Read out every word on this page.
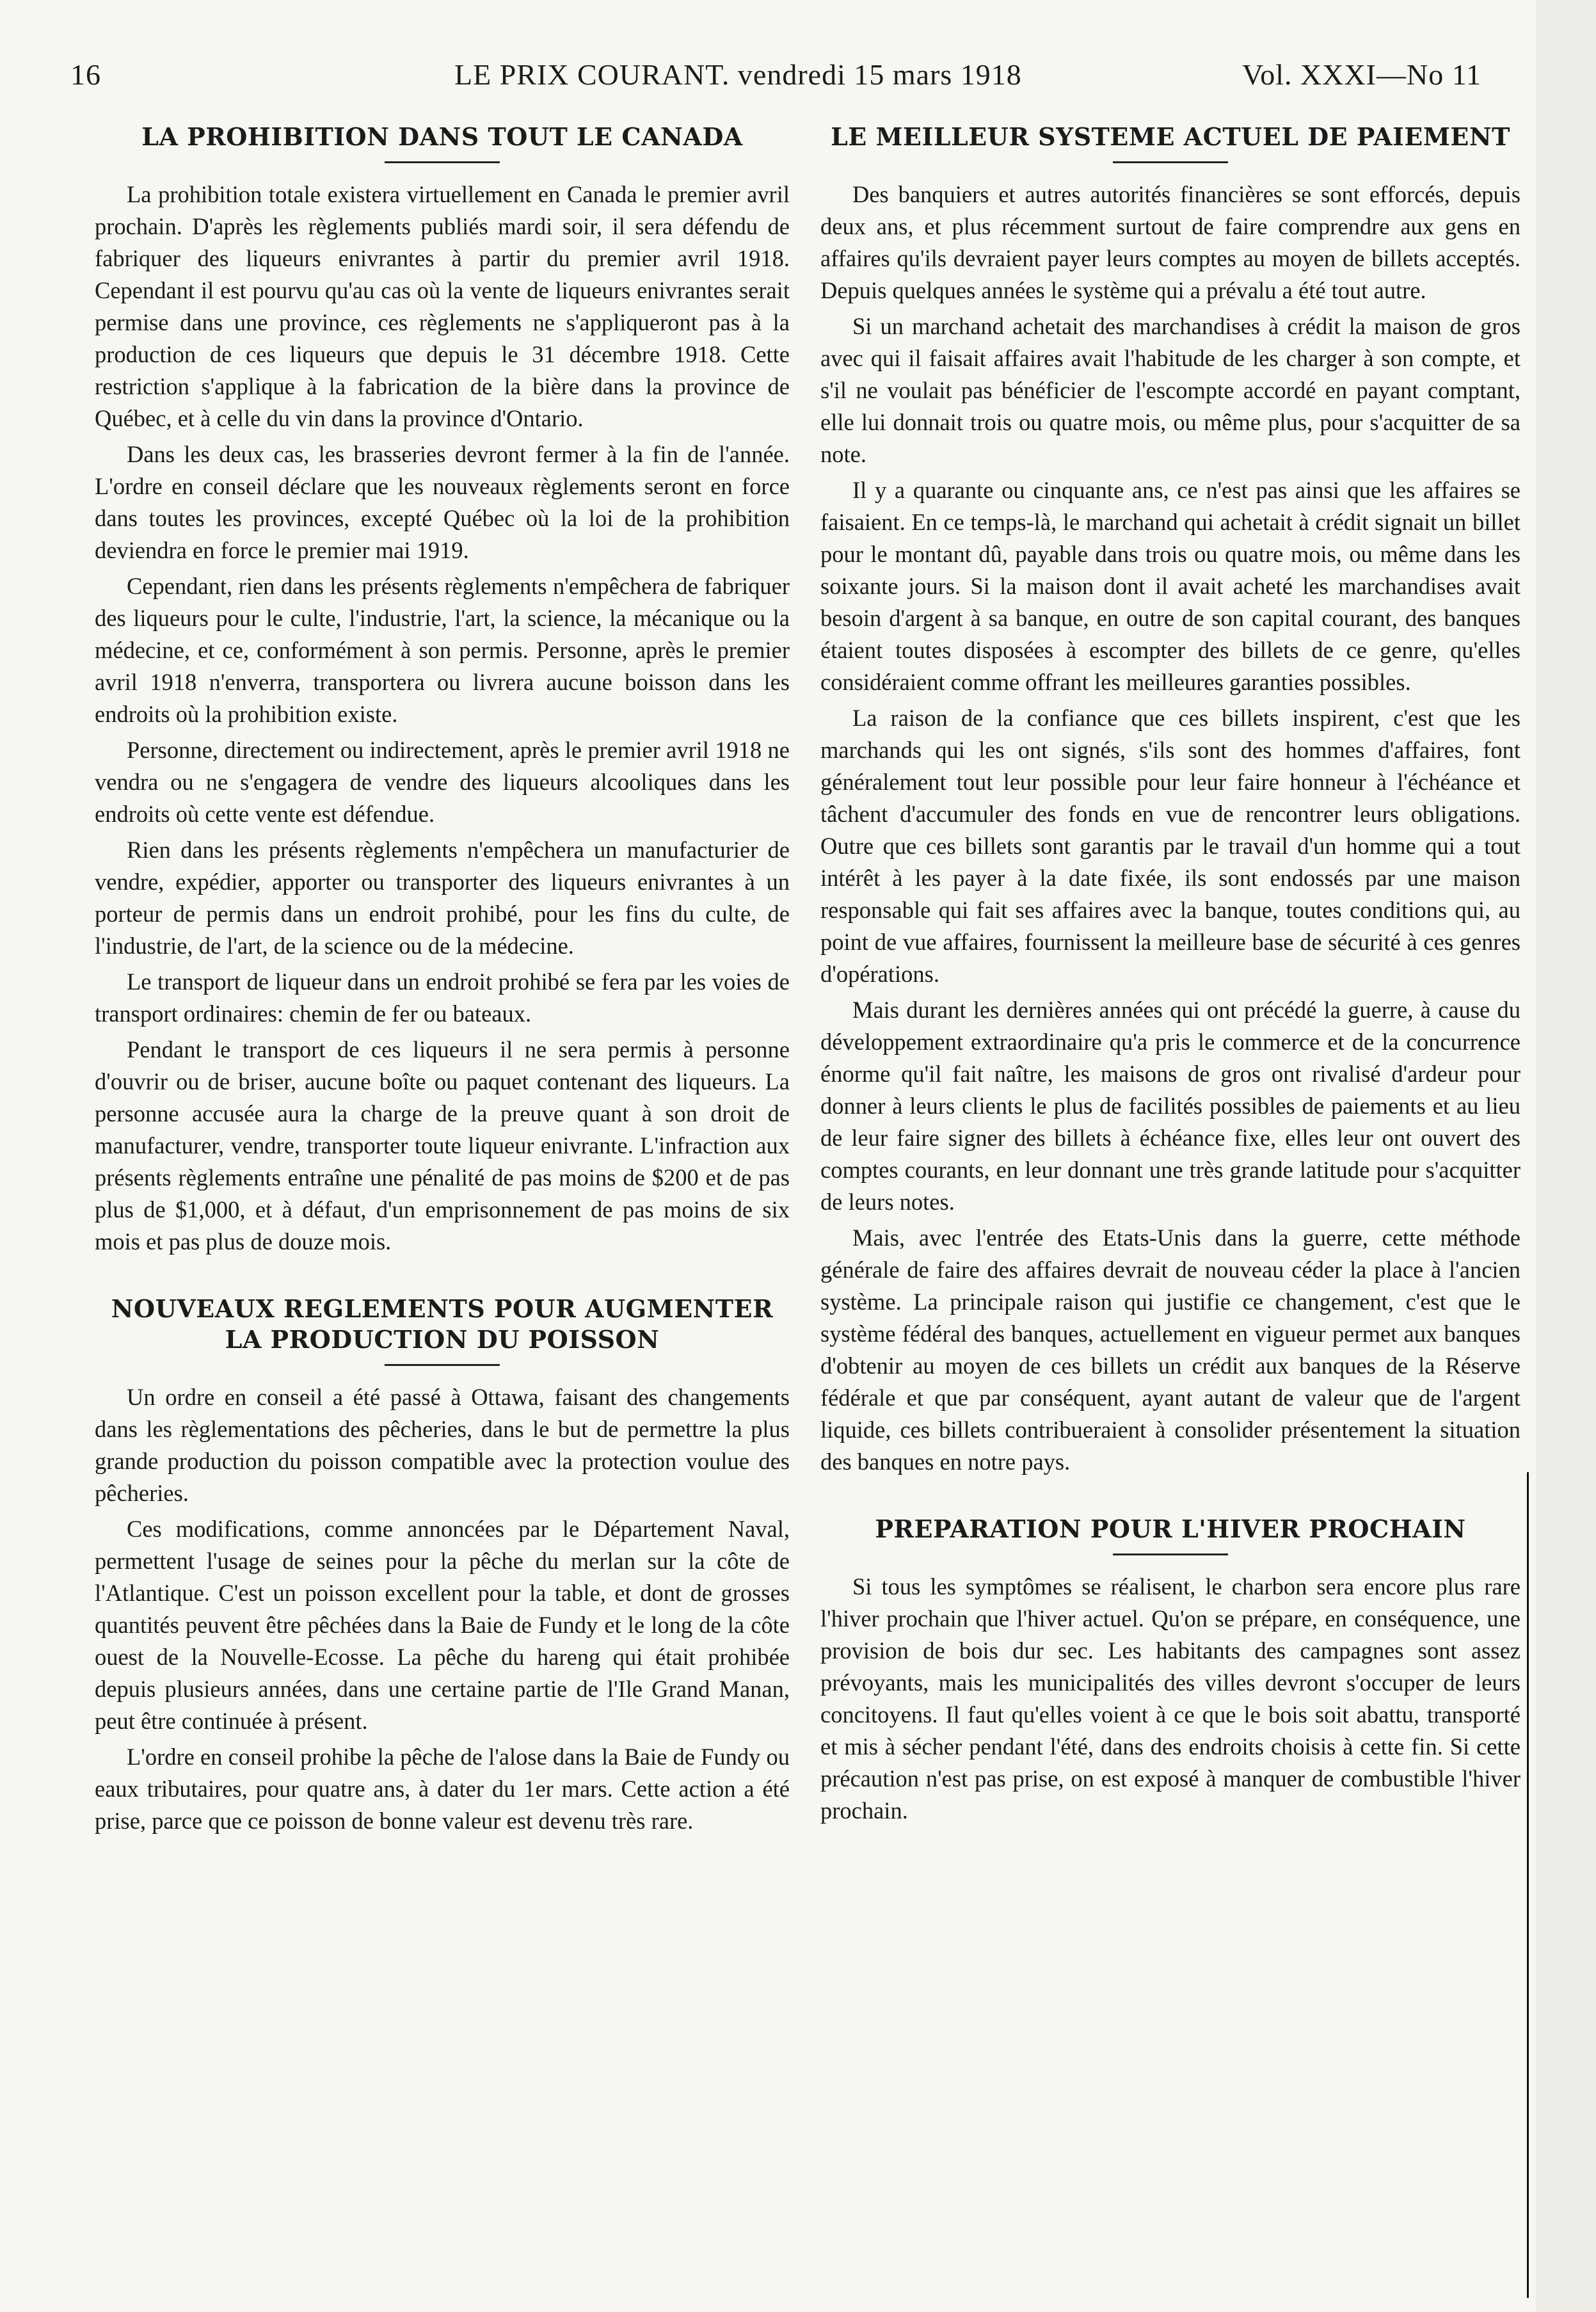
16	LE PRIX COURANT. vendredi 15 mars 1918	Vol. XXXI—No 11
LA PROHIBITION DANS TOUT LE CANADA

La prohibition totale existera virtuellement en Canada le premier avril prochain. D'après les règlements publiés mardi soir, il sera défendu de fabriquer des liqueurs enivrantes à partir du premier avril 1918. Cependant il est pourvu qu'au cas où la vente de liqueurs enivrantes serait permise dans une province, ces règlements ne s'appliqueront pas à la production de ces liqueurs que depuis le 31 décembre 1918. Cette restriction s'applique à la fabrication de la bière dans la province de Québec, et à celle du vin dans la province d'Ontario.

Dans les deux cas, les brasseries devront fermer à la fin de l'année. L'ordre en conseil déclare que les nouveaux règlements seront en force dans toutes les provinces, excepté Québec où la loi de la prohibition deviendra en force le premier mai 1919.

Cependant, rien dans les présents règlements n'empêchera de fabriquer des liqueurs pour le culte, l'industrie, l'art, la science, la mécanique ou la médecine, et ce, conformément à son permis. Personne, après le premier avril 1918 n'enverra, transportera ou livrera aucune boisson dans les endroits où la prohibition existe.

Personne, directement ou indirectement, après le premier avril 1918 ne vendra ou ne s'engagera de vendre des liqueurs alcooliques dans les endroits où cette vente est défendue.

Rien dans les présents règlements n'empêchera un manufacturier de vendre, expédier, apporter ou transporter des liqueurs enivrantes à un porteur de permis dans un endroit prohibé, pour les fins du culte, de l'industrie, de l'art, de la science ou de la médecine.

Le transport de liqueur dans un endroit prohibé se fera par les voies de transport ordinaires: chemin de fer ou bateaux.

Pendant le transport de ces liqueurs il ne sera permis à personne d'ouvrir ou de briser, aucune boîte ou paquet contenant des liqueurs. La personne accusée aura la charge de la preuve quant à son droit de manufacturer, vendre, transporter toute liqueur enivrante. L'infraction aux présents règlements entraîne une pénalité de pas moins de $200 et de pas plus de $1,000, et à défaut, d'un emprisonnement de pas moins de six mois et pas plus de douze mois.

NOUVEAUX REGLEMENTS POUR AUGMENTER LA PRODUCTION DU POISSON

Un ordre en conseil a été passé à Ottawa, faisant des changements dans les règlementations des pêcheries, dans le but de permettre la plus grande production du poisson compatible avec la protection voulue des pêcheries.

Ces modifications, comme annoncées par le Département Naval, permettent l'usage de seines pour la pêche du merlan sur la côte de l'Atlantique. C'est un poisson excellent pour la table, et dont de grosses quantités peuvent être pêchées dans la Baie de Fundy et le long de la côte ouest de la Nouvelle-Ecosse. La pêche du hareng qui était prohibée depuis plusieurs années, dans une certaine partie de l'Ile Grand Manan, peut être continuée à présent.

L'ordre en conseil prohibe la pêche de l'alose dans la Baie de Fundy ou eaux tributaires, pour quatre ans, à dater du 1er mars. Cette action a été prise, parce que ce poisson de bonne valeur est devenu très rare.

LE MEILLEUR SYSTEME ACTUEL DE PAIEMENT

Des banquiers et autres autorités financières se sont efforcés, depuis deux ans, et plus récemment surtout de faire comprendre aux gens en affaires qu'ils devraient payer leurs comptes au moyen de billets acceptés. Depuis quelques années le système qui a prévalu a été tout autre.

Si un marchand achetait des marchandises à crédit la maison de gros avec qui il faisait affaires avait l'habitude de les charger à son compte, et s'il ne voulait pas bénéficier de l'escompte accordé en payant comptant, elle lui donnait trois ou quatre mois, ou même plus, pour s'acquitter de sa note.

Il y a quarante ou cinquante ans, ce n'est pas ainsi que les affaires se faisaient. En ce temps-là, le marchand qui achetait à crédit signait un billet pour le montant dû, payable dans trois ou quatre mois, ou même dans les soixante jours. Si la maison dont il avait acheté les marchandises avait besoin d'argent à sa banque, en outre de son capital courant, des banques étaient toutes disposées à escompter des billets de ce genre, qu'elles considéraient comme offrant les meilleures garanties possibles.

La raison de la confiance que ces billets inspirent, c'est que les marchands qui les ont signés, s'ils sont des hommes d'affaires, font généralement tout leur possible pour leur faire honneur à l'échéance et tâchent d'accumuler des fonds en vue de rencontrer leurs obligations. Outre que ces billets sont garantis par le travail d'un homme qui a tout intérêt à les payer à la date fixée, ils sont endossés par une maison responsable qui fait ses affaires avec la banque, toutes conditions qui, au point de vue affaires, fournissent la meilleure base de sécurité à ces genres d'opérations.

Mais durant les dernières années qui ont précédé la guerre, à cause du développement extraordinaire qu'a pris le commerce et de la concurrence énorme qu'il fait naître, les maisons de gros ont rivalisé d'ardeur pour donner à leurs clients le plus de facilités possibles de paiements et au lieu de leur faire signer des billets à échéance fixe, elles leur ont ouvert des comptes courants, en leur donnant une très grande latitude pour s'acquitter de leurs notes.

Mais, avec l'entrée des Etats-Unis dans la guerre, cette méthode générale de faire des affaires devrait de nouveau céder la place à l'ancien système. La principale raison qui justifie ce changement, c'est que le système fédéral des banques, actuellement en vigueur permet aux banques d'obtenir au moyen de ces billets un crédit aux banques de la Réserve fédérale et que par conséquent, ayant autant de valeur que de l'argent liquide, ces billets contribueraient à consolider présentement la situation des banques en notre pays.

PREPARATION POUR L'HIVER PROCHAIN

Si tous les symptômes se réalisent, le charbon sera encore plus rare l'hiver prochain que l'hiver actuel. Qu'on se prépare, en conséquence, une provision de bois dur sec. Les habitants des campagnes sont assez prévoyants, mais les municipalités des villes devront s'occuper de leurs concitoyens. Il faut qu'elles voient à ce que le bois soit abattu, transporté et mis à sécher pendant l'été, dans des endroits choisis à cette fin. Si cette précaution n'est pas prise, on est exposé à manquer de combustible l'hiver prochain.
